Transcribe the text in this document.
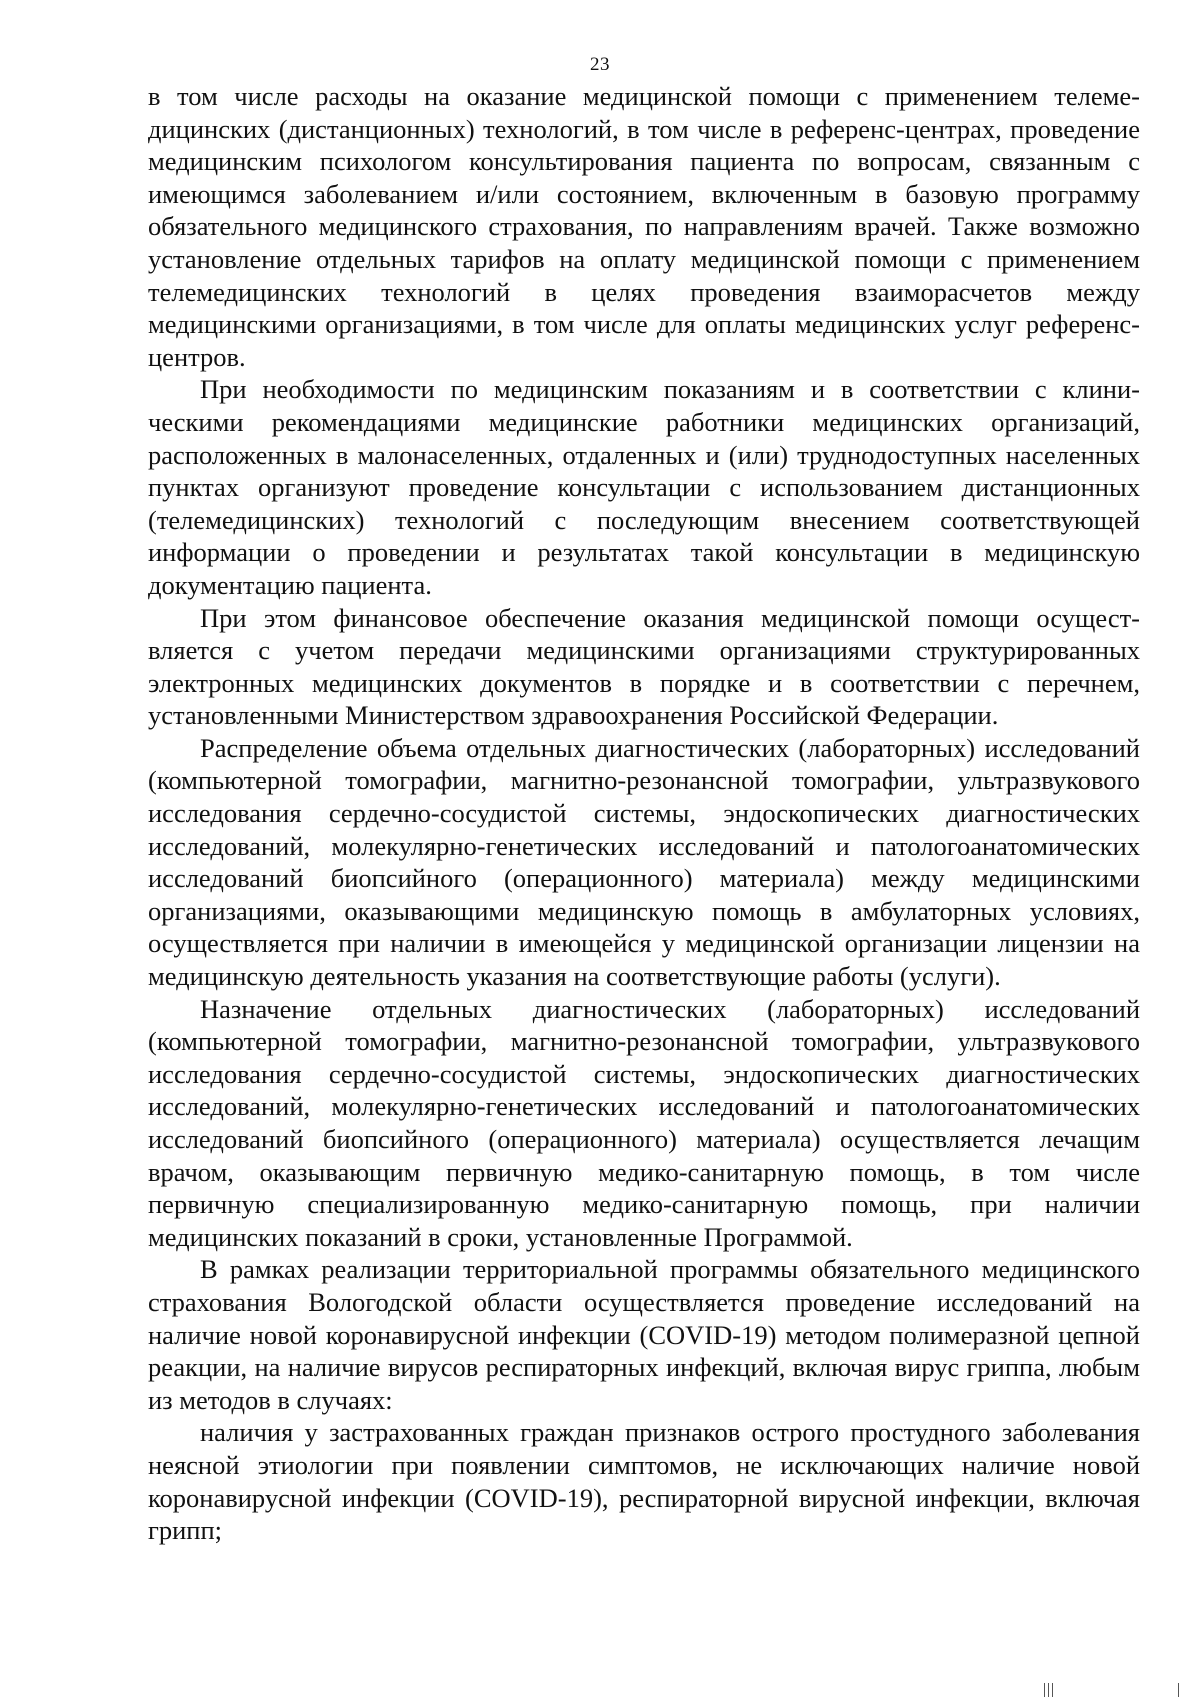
23

в том числе расходы на оказание медицинской помощи с применением телемедицинских (дистанционных) технологий, в том числе в референс-центрах, проведение медицинским психологом консультирования пациента по вопросам, связанным с имеющимся заболеванием и/или состоянием, включенным в базовую программу обязательного медицинского страхования, по направлениям врачей. Также возможно установление отдельных тарифов на оплату медицинской помощи с применением телемедицинских технологий в целях проведения взаиморасчетов между медицинскими организациями, в том числе для оплаты медицинских услуг референс-центров.

При необходимости по медицинским показаниям и в соответствии с клиническими рекомендациями медицинские работники медицинских организаций, расположенных в малонаселенных, отдаленных и (или) труднодоступных населенных пунктах организуют проведение консультации с использованием дистанционных (телемедицинских) технологий с последующим внесением соответствующей информации о проведении и результатах такой консультации в медицинскую документацию пациента.

При этом финансовое обеспечение оказания медицинской помощи осуществляется с учетом передачи медицинскими организациями структурированных электронных медицинских документов в порядке и в соответствии с перечнем, установленными Министерством здравоохранения Российской Федерации.

Распределение объема отдельных диагностических (лабораторных) исследований (компьютерной томографии, магнитно-резонансной томографии, ультразвукового исследования сердечно-сосудистой системы, эндоскопических диагностических исследований, молекулярно-генетических исследований и патологоанатомических исследований биопсийного (операционного) материала) между медицинскими организациями, оказывающими медицинскую помощь в амбулаторных условиях, осуществляется при наличии в имеющейся у медицинской организации лицензии на медицинскую деятельность указания на соответствующие работы (услуги).

Назначение отдельных диагностических (лабораторных) исследований (компьютерной томографии, магнитно-резонансной томографии, ультразвукового исследования сердечно-сосудистой системы, эндоскопических диагностических исследований, молекулярно-генетических исследований и патологоанатомических исследований биопсийного (операционного) материала) осуществляется лечащим врачом, оказывающим первичную медико-санитарную помощь, в том числе первичную специализированную медико-санитарную помощь, при наличии медицинских показаний в сроки, установленные Программой.

В рамках реализации территориальной программы обязательного медицинского страхования Вологодской области осуществляется проведение исследований на наличие новой коронавирусной инфекции (COVID-19) методом полимеразной цепной реакции, на наличие вирусов респираторных инфекций, включая вирус гриппа, любым из методов в случаях:

наличия у застрахованных граждан признаков острого простудного заболевания неясной этиологии при появлении симптомов, не исключающих наличие новой коронавирусной инфекции (COVID-19), респираторной вирусной инфекции, включая грипп;
